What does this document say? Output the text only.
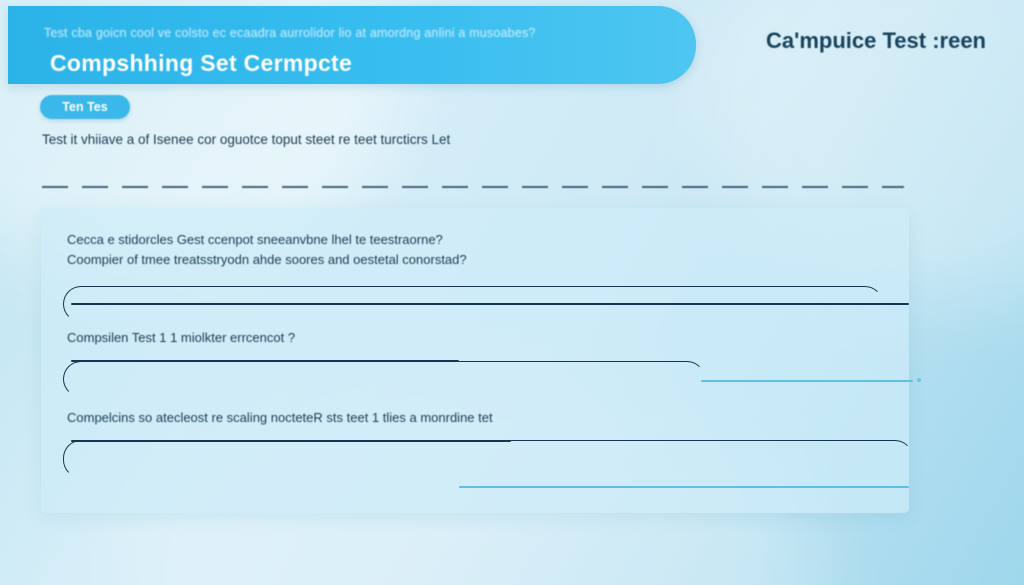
Test cba goicn cool ve colsto ec ecaadra aurrolidor lio at amordng anlini a musoabes?
Compshhing Set Cermpcte
Ca'mpuice Test :reen
Ten Tes
Test it vhiiave a of Isenee cor oguotce toput steet re teet turcticrs Let
Cecca e stidorcles Gest ccenpot sneeanvbne lhel te teestraorne?
Coompier of tmee treatsstryodn ahde soores and oestetal conorstad?
Compsilen Test 1 1 miolkter errcencot ?
Compelcins so atecleost re scaling nocteteR sts teet 1 tlies a monrdine tet
